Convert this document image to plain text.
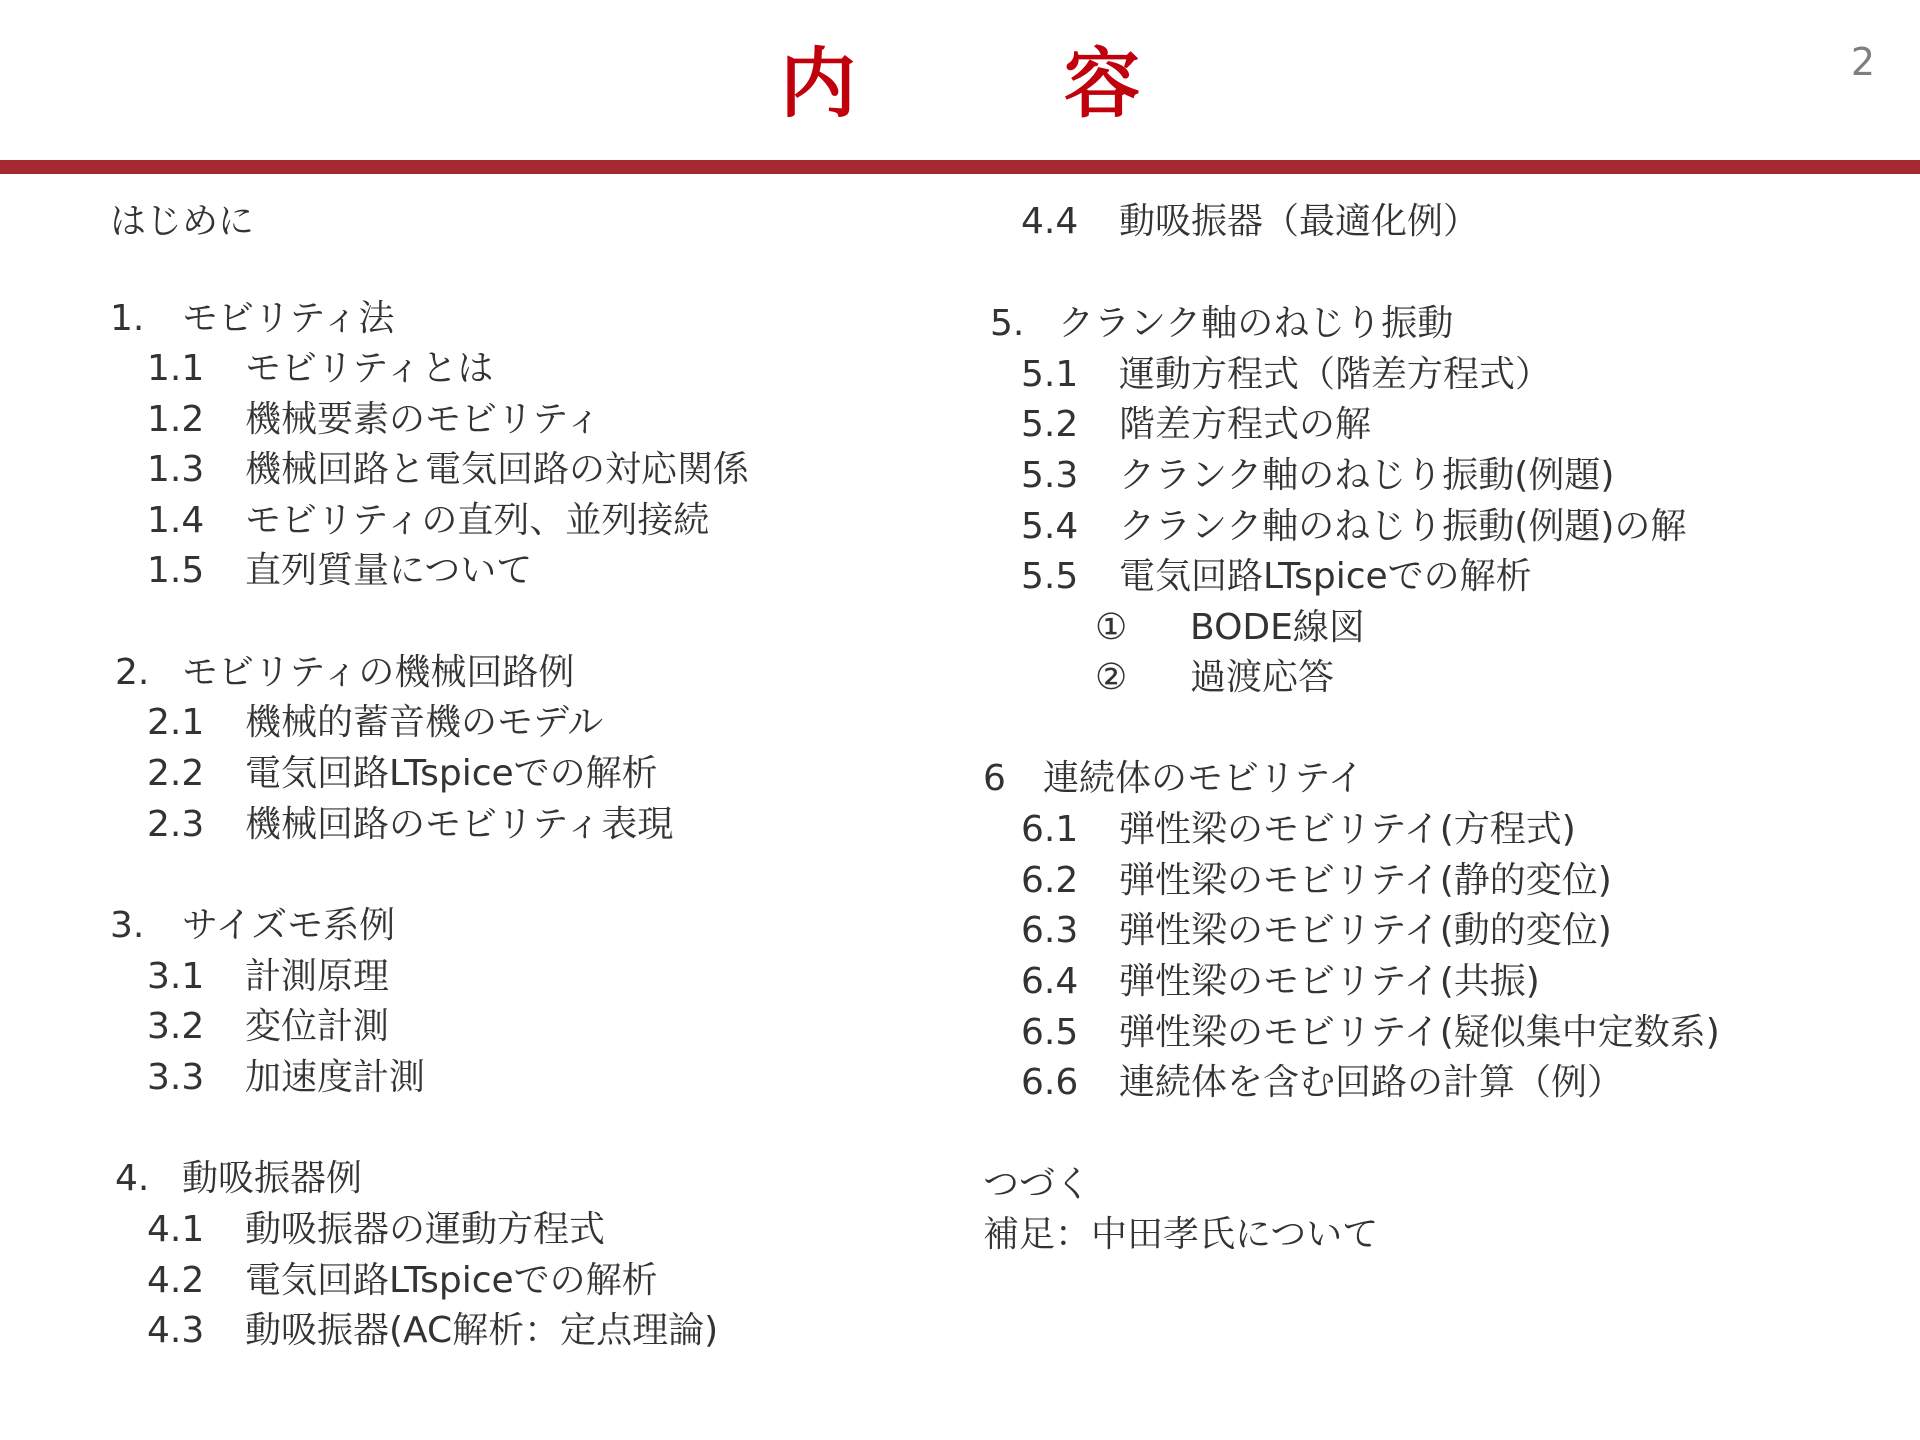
内　容	2
はじめに
1. モビリティ法
1.1 モビリティとは
1.2 機械要素のモビリティ
1.3 機械回路と電気回路の対応関係
1.4 モビリティの直列、並列接続
1.5 直列質量について
2. モビリティの機械回路例
2.1 機械的蓄音機のモデル
2.2 電気回路LTspiceでの解析
2.3 機械回路のモビリティ表現
3. サイズモ系例
3.1 計測原理
3.2 変位計測
3.3 加速度計測
4. 動吸振器例
4.1 動吸振器の運動方程式
4.2 電気回路LTspiceでの解析
4.3 動吸振器(AC解析：定点理論)
4.4 動吸振器（最適化例）
5. クランク軸のねじり振動
5.1 運動方程式（階差方程式）
5.2 階差方程式の解
5.3 クランク軸のねじり振動(例題)
5.4 クランク軸のねじり振動(例題)の解
5.5 電気回路LTspiceでの解析
① BODE線図
② 過渡応答
6 連続体のモビリテイ
6.1 弾性梁のモビリテイ(方程式)
6.2 弾性梁のモビリテイ(静的変位)
6.3 弾性梁のモビリテイ(動的変位)
6.4 弾性梁のモビリテイ(共振)
6.5 弾性梁のモビリテイ(疑似集中定数系)
6.6 連続体を含む回路の計算（例）
つづく
補足：中田孝氏について
